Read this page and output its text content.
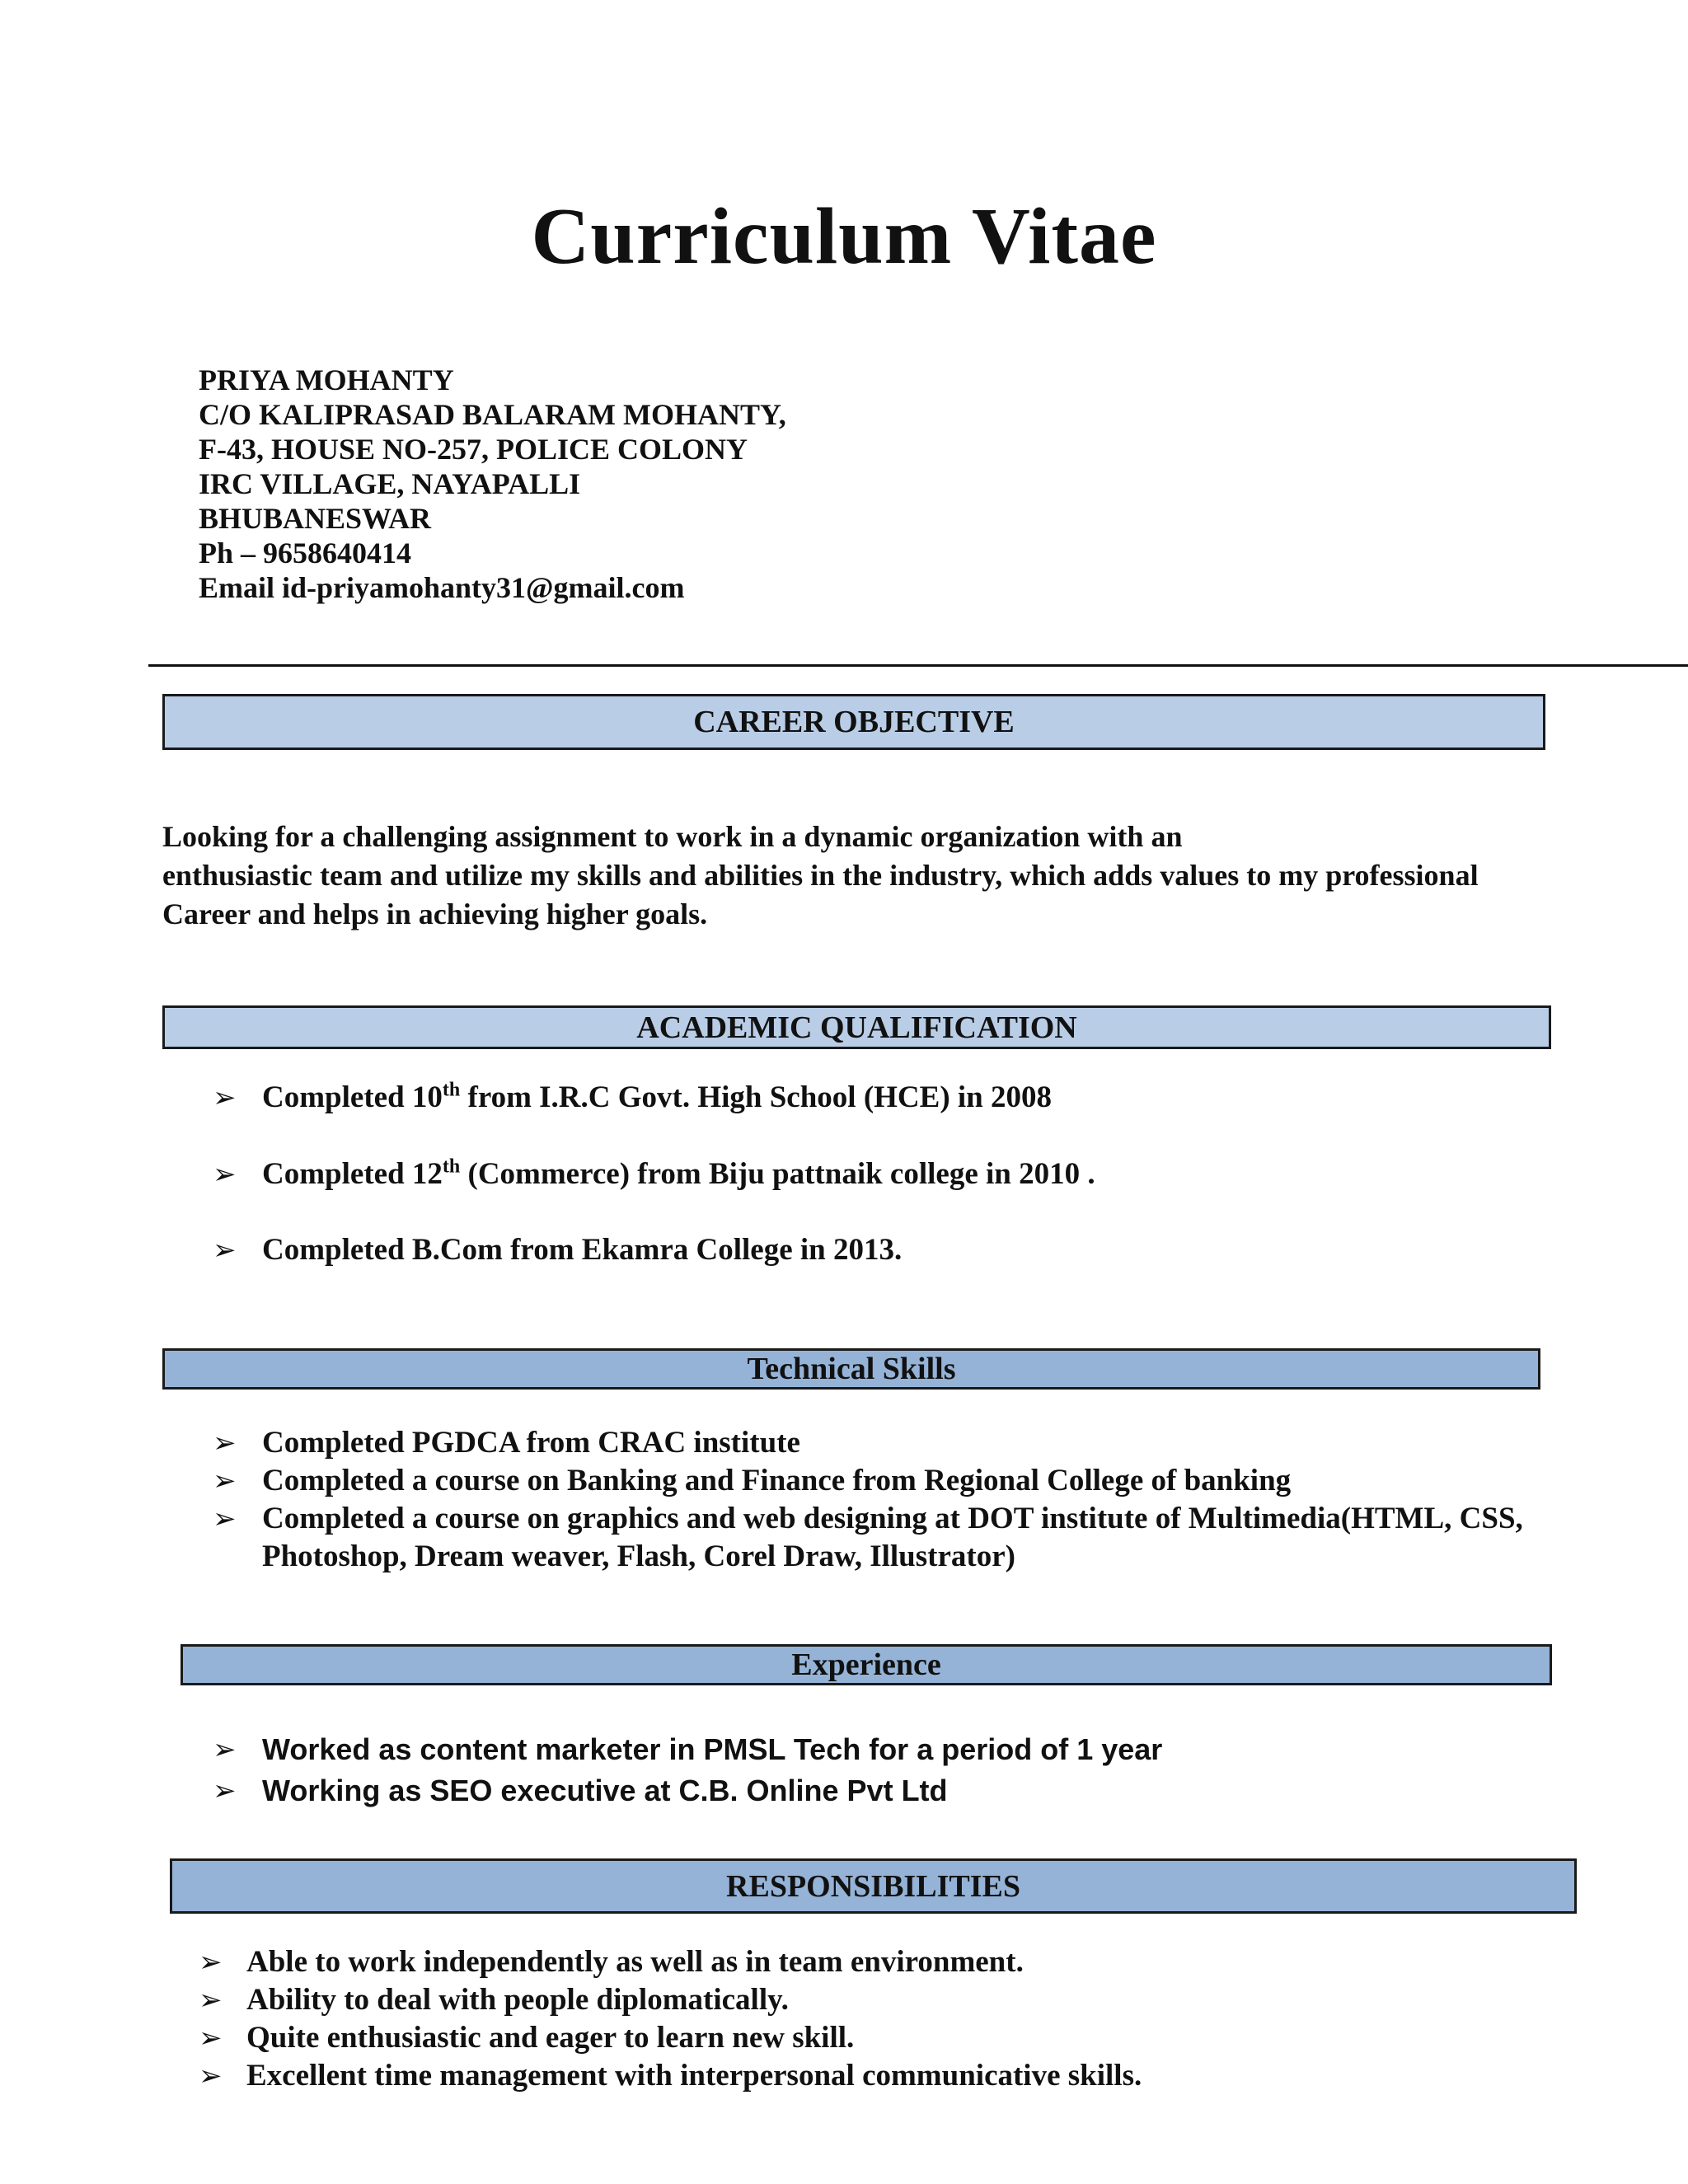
Curriculum Vitae
PRIYA MOHANTY
C/O KALIPRASAD BALARAM MOHANTY,
F-43, HOUSE NO-257, POLICE COLONY
IRC VILLAGE, NAYAPALLI
BHUBANESWAR
Ph – 9658640414
Email id-priyamohanty31@gmail.com
CAREER OBJECTIVE
Looking for a challenging assignment to work in a dynamic organization with an
enthusiastic team and utilize my skills and abilities in the industry, which adds values to my professional
Career and helps in achieving higher goals.
ACADEMIC QUALIFICATION
➢ Completed 10th from I.R.C Govt. High School (HCE) in 2008
➢ Completed 12th (Commerce) from Biju pattnaik college in 2010 .
➢ Completed B.Com from Ekamra College in 2013.
Technical Skills
➢ Completed PGDCA from CRAC institute
➢ Completed a course on Banking and Finance from Regional College of banking
➢ Completed a course on graphics and web designing at DOT institute of Multimedia(HTML, CSS,
Photoshop, Dream weaver, Flash, Corel Draw, Illustrator)
Experience
➢ Worked as content marketer in PMSL Tech for a period of 1 year
➢ Working as SEO executive at C.B. Online Pvt Ltd
RESPONSIBILITIES
➢ Able to work independently as well as in team environment.
➢ Ability to deal with people diplomatically.
➢ Quite enthusiastic and eager to learn new skill.
➢ Excellent time management with interpersonal communicative skills.
